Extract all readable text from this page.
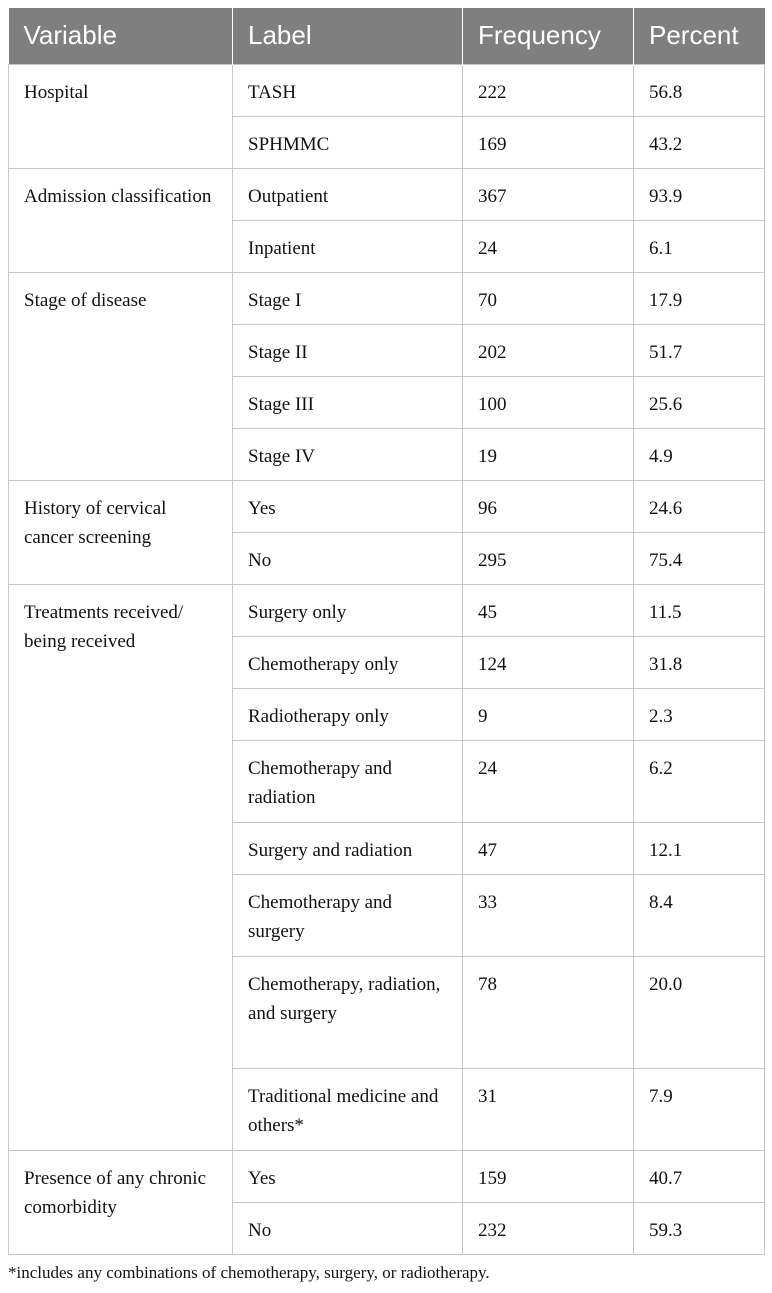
Variable	Label	Frequency	Percent
Hospital	TASH	222	56.8
	SPHMMC	169	43.2
Admission classification	Outpatient	367	93.9
	Inpatient	24	6.1
Stage of disease	Stage I	70	17.9
	Stage II	202	51.7
	Stage III	100	25.6
	Stage IV	19	4.9
History of cervical cancer screening	Yes	96	24.6
	No	295	75.4
Treatments received/ being received	Surgery only	45	11.5
	Chemotherapy only	124	31.8
	Radiotherapy only	9	2.3
	Chemotherapy and radiation	24	6.2
	Surgery and radiation	47	12.1
	Chemotherapy and surgery	33	8.4
	Chemotherapy, radiation, and surgery	78	20.0
	Traditional medicine and others*	31	7.9
Presence of any chronic comorbidity	Yes	159	40.7
	No	232	59.3
*includes any combinations of chemotherapy, surgery, or radiotherapy.
